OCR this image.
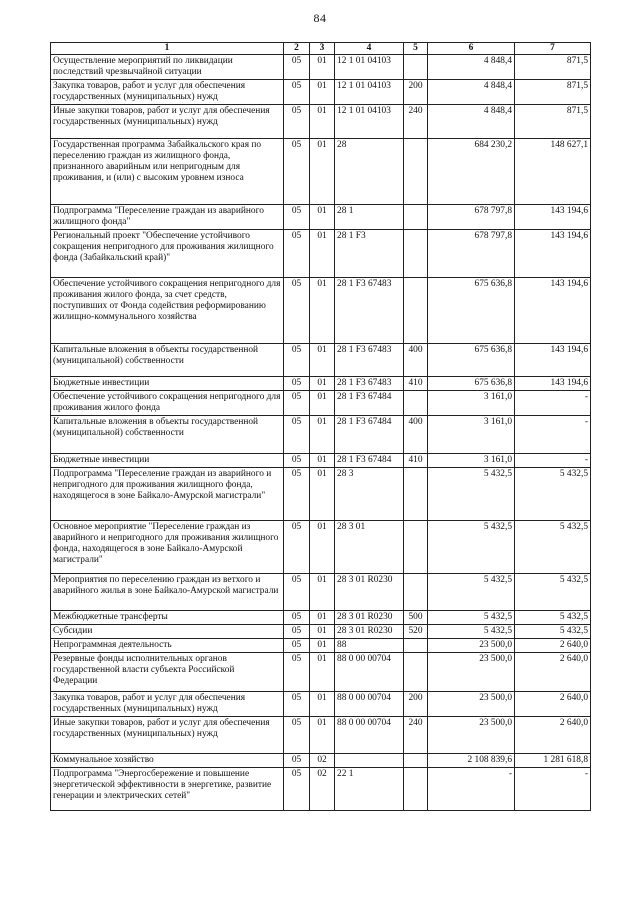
84
1	2	3	4	5	6	7
Осуществление мероприятий по ликвидации последствий чрезвычайной ситуации	05	01	12 1 01 04103		4 848,4	871,5
Закупка товаров, работ и услуг для обеспечения государственных (муниципальных) нужд	05	01	12 1 01 04103	200	4 848,4	871,5
Иные закупки товаров, работ и услуг для обеспечения государственных (муниципальных) нужд	05	01	12 1 01 04103	240	4 848,4	871,5
Государственная программа Забайкальского края по переселению граждан из жилищного фонда, признанного аварийным или непригодным для проживания, и (или) с высоким уровнем износа	05	01	28		684 230,2	148 627,1
Подпрограмма "Переселение граждан из аварийного жилищного фонда"	05	01	28 1		678 797,8	143 194,6
Региональный проект "Обеспечение устойчивого сокращения непригодного для проживания жилищного фонда (Забайкальский край)"	05	01	28 1 F3		678 797,8	143 194,6
Обеспечение устойчивого сокращения непригодного для проживания жилого фонда, за счет средств, поступивших от Фонда содействия реформированию жилищно-коммунального хозяйства	05	01	28 1 F3 67483		675 636,8	143 194,6
Капитальные вложения в объекты государственной (муниципальной) собственности	05	01	28 1 F3 67483	400	675 636,8	143 194,6
Бюджетные инвестиции	05	01	28 1 F3 67483	410	675 636,8	143 194,6
Обеспечение устойчивого сокращения непригодного для проживания жилого фонда	05	01	28 1 F3 67484		3 161,0	-
Капитальные вложения в объекты государственной (муниципальной) собственности	05	01	28 1 F3 67484	400	3 161,0	-
Бюджетные инвестиции	05	01	28 1 F3 67484	410	3 161,0	-
Подпрограмма "Переселение граждан из аварийного и непригодного для проживания жилищного фонда, находящегося в зоне Байкало-Амурской магистрали"	05	01	28 3		5 432,5	5 432,5
Основное мероприятие "Переселение граждан из аварийного и непригодного для проживания жилищного фонда, находящегося в зоне Байкало-Амурской магистрали"	05	01	28 3 01		5 432,5	5 432,5
Мероприятия по переселению граждан из ветхого и аварийного жилья в зоне Байкало-Амурской магистрали	05	01	28 3 01 R0230		5 432,5	5 432,5
Межбюджетные трансферты	05	01	28 3 01 R0230	500	5 432,5	5 432,5
Субсидии	05	01	28 3 01 R0230	520	5 432,5	5 432,5
Непрограммная деятельность	05	01	88		23 500,0	2 640,0
Резервные фонды исполнительных органов государственной власти субъекта Российской Федерации	05	01	88 0 00 00704		23 500,0	2 640,0
Закупка товаров, работ и услуг для обеспечения государственных (муниципальных) нужд	05	01	88 0 00 00704	200	23 500,0	2 640,0
Иные закупки товаров, работ и услуг для обеспечения государственных (муниципальных) нужд	05	01	88 0 00 00704	240	23 500,0	2 640,0
Коммунальное хозяйство	05	02			2 108 839,6	1 281 618,8
Подпрограмма "Энергосбережение и повышение энергетической эффективности в энергетике, развитие генерации и электрических сетей"	05	02	22 1		-	-
